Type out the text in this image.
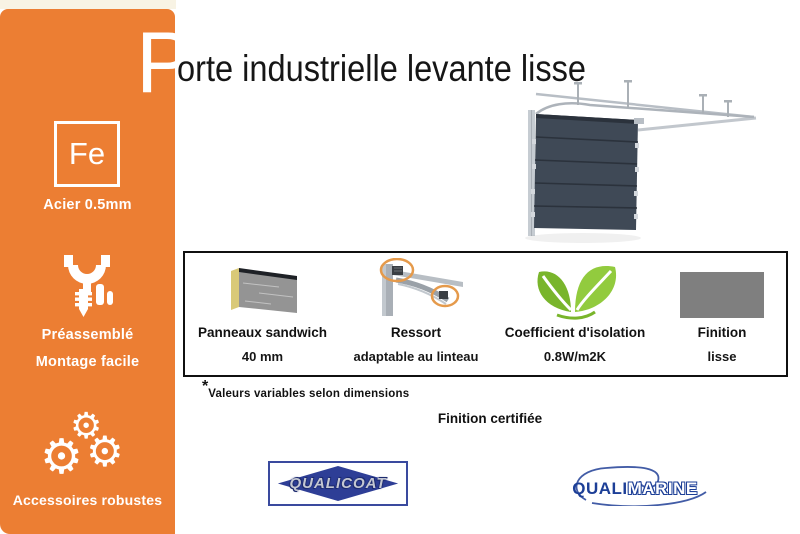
Fe
Acier 0.5mm
Préassemblé
Montage facile
⚙
⚙ ⚙
Accessoires robustes
P
orte industrielle levante lisse
Panneaux sandwich
40 mm
Ressort
adaptable au linteau
Coefficient d'isolation
0.8W/m2K
Finition
lisse
*Valeurs variables selon dimensions
Finition certifiée
QUALICOAT	QUALIMARINE
